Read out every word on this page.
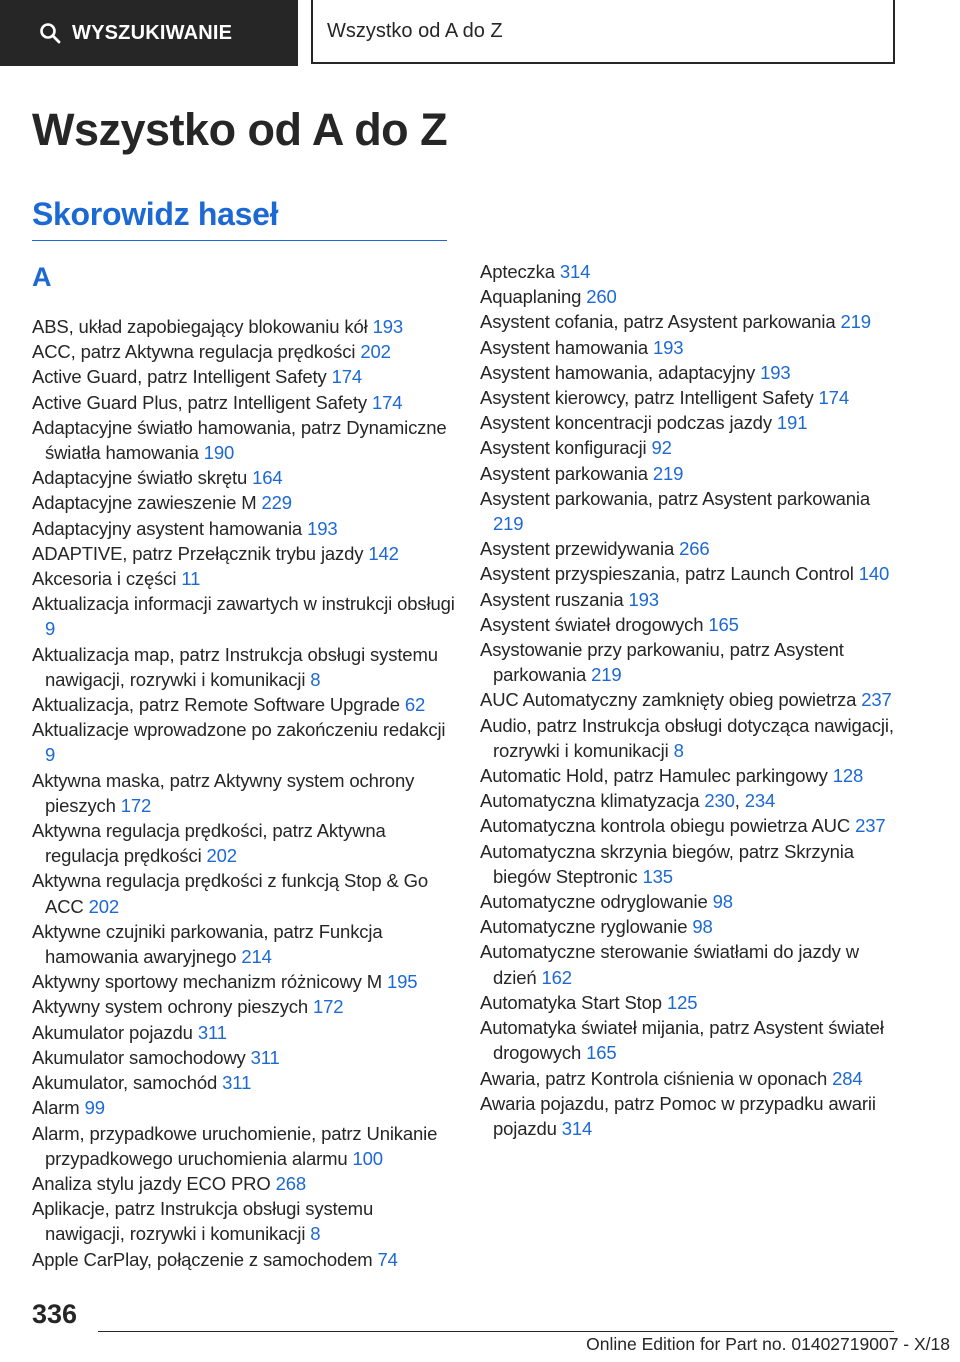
WYSZUKIWANIE	Wszystko od A do Z
Wszystko od A do Z
Skorowidz haseł
A
ABS, układ zapobiegający blokowaniu kół 193
ACC, patrz Aktywna regulacja prędkości 202
Active Guard, patrz Intelligent Safety 174
Active Guard Plus, patrz Intelligent Safety 174
Adaptacyjne światło hamowania, patrz Dynamiczne światła hamowania 190
Adaptacyjne światło skrętu 164
Adaptacyjne zawieszenie M 229
Adaptacyjny asystent hamowania 193
ADAPTIVE, patrz Przełącznik trybu jazdy 142
Akcesoria i części 11
Aktualizacja informacji zawartych w instrukcji obsługi 9
Aktualizacja map, patrz Instrukcja obsługi systemu nawigacji, rozrywki i komunikacji 8
Aktualizacja, patrz Remote Software Upgrade 62
Aktualizacje wprowadzone po zakończeniu redakcji 9
Aktywna maska, patrz Aktywny system ochrony pieszych 172
Aktywna regulacja prędkości, patrz Aktywna regulacja prędkości 202
Aktywna regulacja prędkości z funkcją Stop & Go ACC 202
Aktywne czujniki parkowania, patrz Funkcja hamowania awaryjnego 214
Aktywny sportowy mechanizm różnicowy M 195
Aktywny system ochrony pieszych 172
Akumulator pojazdu 311
Akumulator samochodowy 311
Akumulator, samochód 311
Alarm 99
Alarm, przypadkowe uruchomienie, patrz Unikanie przypadkowego uruchomienia alarmu 100
Analiza stylu jazdy ECO PRO 268
Aplikacje, patrz Instrukcja obsługi systemu nawigacji, rozrywki i komunikacji 8
Apple CarPlay, połączenie z samochodem 74
Apteczka 314
Aquaplaning 260
Asystent cofania, patrz Asystent parkowania 219
Asystent hamowania 193
Asystent hamowania, adaptacyjny 193
Asystent kierowcy, patrz Intelligent Safety 174
Asystent koncentracji podczas jazdy 191
Asystent konfiguracji 92
Asystent parkowania 219
Asystent parkowania, patrz Asystent parkowania 219
Asystent przewidywania 266
Asystent przyspieszania, patrz Launch Control 140
Asystent ruszania 193
Asystent świateł drogowych 165
Asystowanie przy parkowaniu, patrz Asystent parkowania 219
AUC Automatyczny zamknięty obieg powietrza 237
Audio, patrz Instrukcja obsługi dotycząca nawigacji, rozrywki i komunikacji 8
Automatic Hold, patrz Hamulec parkingowy 128
Automatyczna klimatyzacja 230, 234
Automatyczna kontrola obiegu powietrza AUC 237
Automatyczna skrzynia biegów, patrz Skrzynia biegów Steptronic 135
Automatyczne odryglowanie 98
Automatyczne ryglowanie 98
Automatyczne sterowanie światłami do jazdy w dzień 162
Automatyka Start Stop 125
Automatyka świateł mijania, patrz Asystent świateł drogowych 165
Awaria, patrz Kontrola ciśnienia w oponach 284
Awaria pojazdu, patrz Pomoc w przypadku awarii pojazdu 314
336
Online Edition for Part no. 01402719007 - X/18
